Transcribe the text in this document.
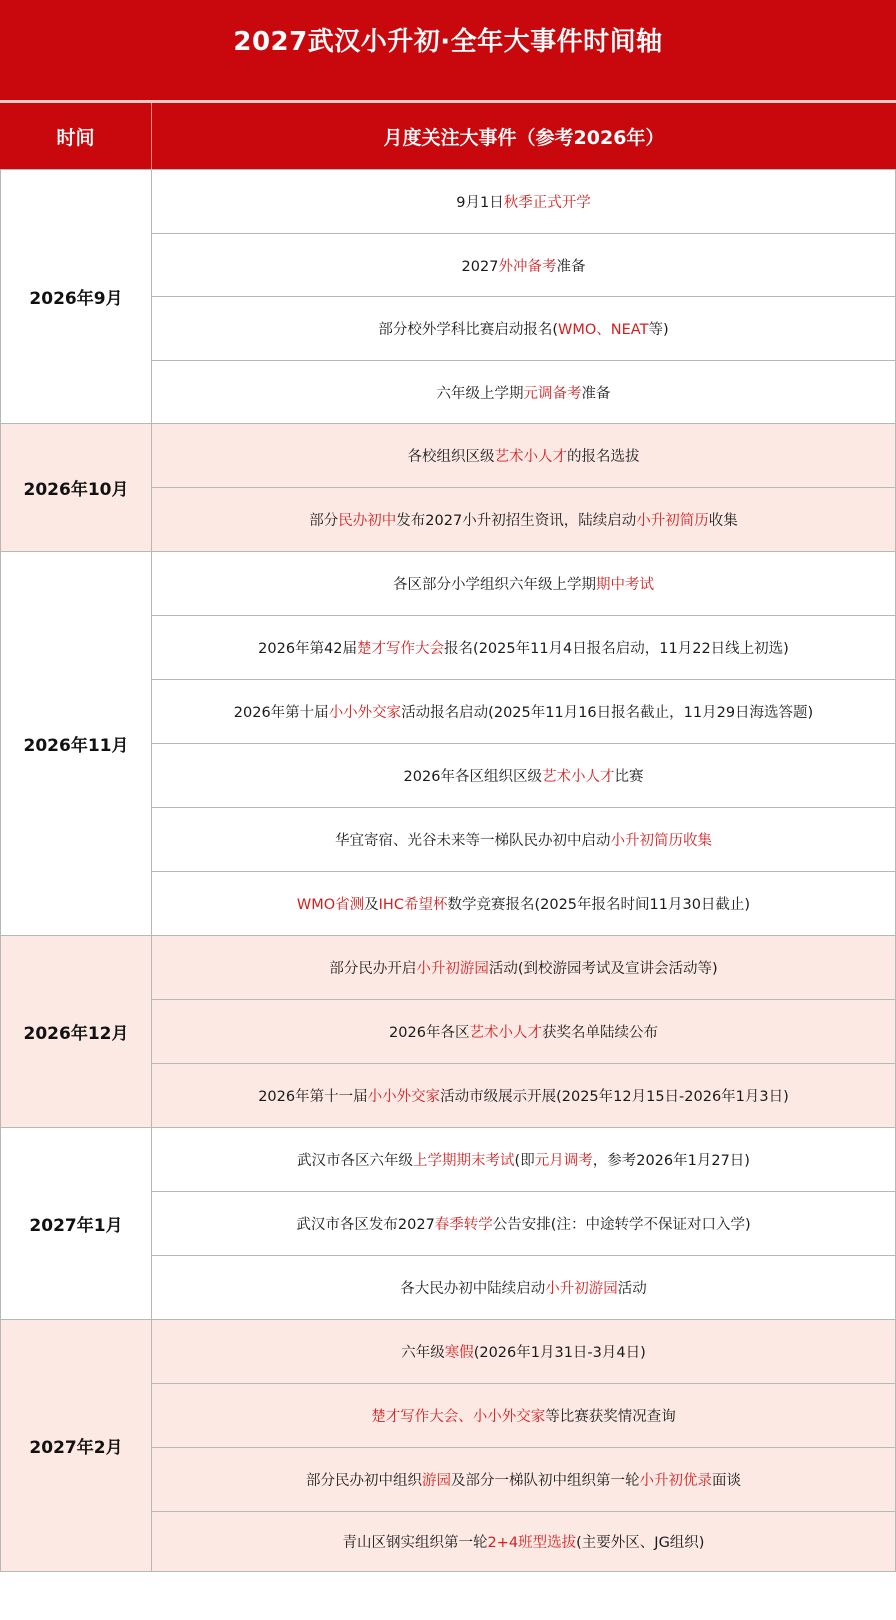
2027武汉小升初·全年大事件时间轴
时间	月度关注大事件（参考2026年）
2026年9月	9月1日秋季正式开学
	2027外冲备考准备
	部分校外学科比赛启动报名(WMO、NEAT等)
	六年级上学期元调备考准备
2026年10月	各校组织区级艺术小人才的报名选拔
	部分民办初中发布2027小升初招生资讯，陆续启动小升初简历收集
2026年11月	各区部分小学组织六年级上学期期中考试
	2026年第42届楚才写作大会报名(2025年11月4日报名启动，11月22日线上初选)
	2026年第十届小小外交家活动报名启动(2025年11月16日报名截止，11月29日海选答题)
	2026年各区组织区级艺术小人才比赛
	华宜寄宿、光谷未来等一梯队民办初中启动小升初简历收集
	WMO省测及IHC希望杯数学竞赛报名(2025年报名时间11月30日截止)
2026年12月	部分民办开启小升初游园活动(到校游园考试及宣讲会活动等)
	2026年各区艺术小人才获奖名单陆续公布
	2026年第十一届小小外交家活动市级展示开展(2025年12月15日-2026年1月3日)
2027年1月	武汉市各区六年级上学期期末考试(即元月调考，参考2026年1月27日)
	武汉市各区发布2027春季转学公告安排(注：中途转学不保证对口入学)
	各大民办初中陆续启动小升初游园活动
2027年2月	六年级寒假(2026年1月31日-3月4日)
	楚才写作大会、小小外交家等比赛获奖情况查询
	部分民办初中组织游园及部分一梯队初中组织第一轮小升初优录面谈
	青山区钢实组织第一轮2+4班型选拔(主要外区、JG组织)
